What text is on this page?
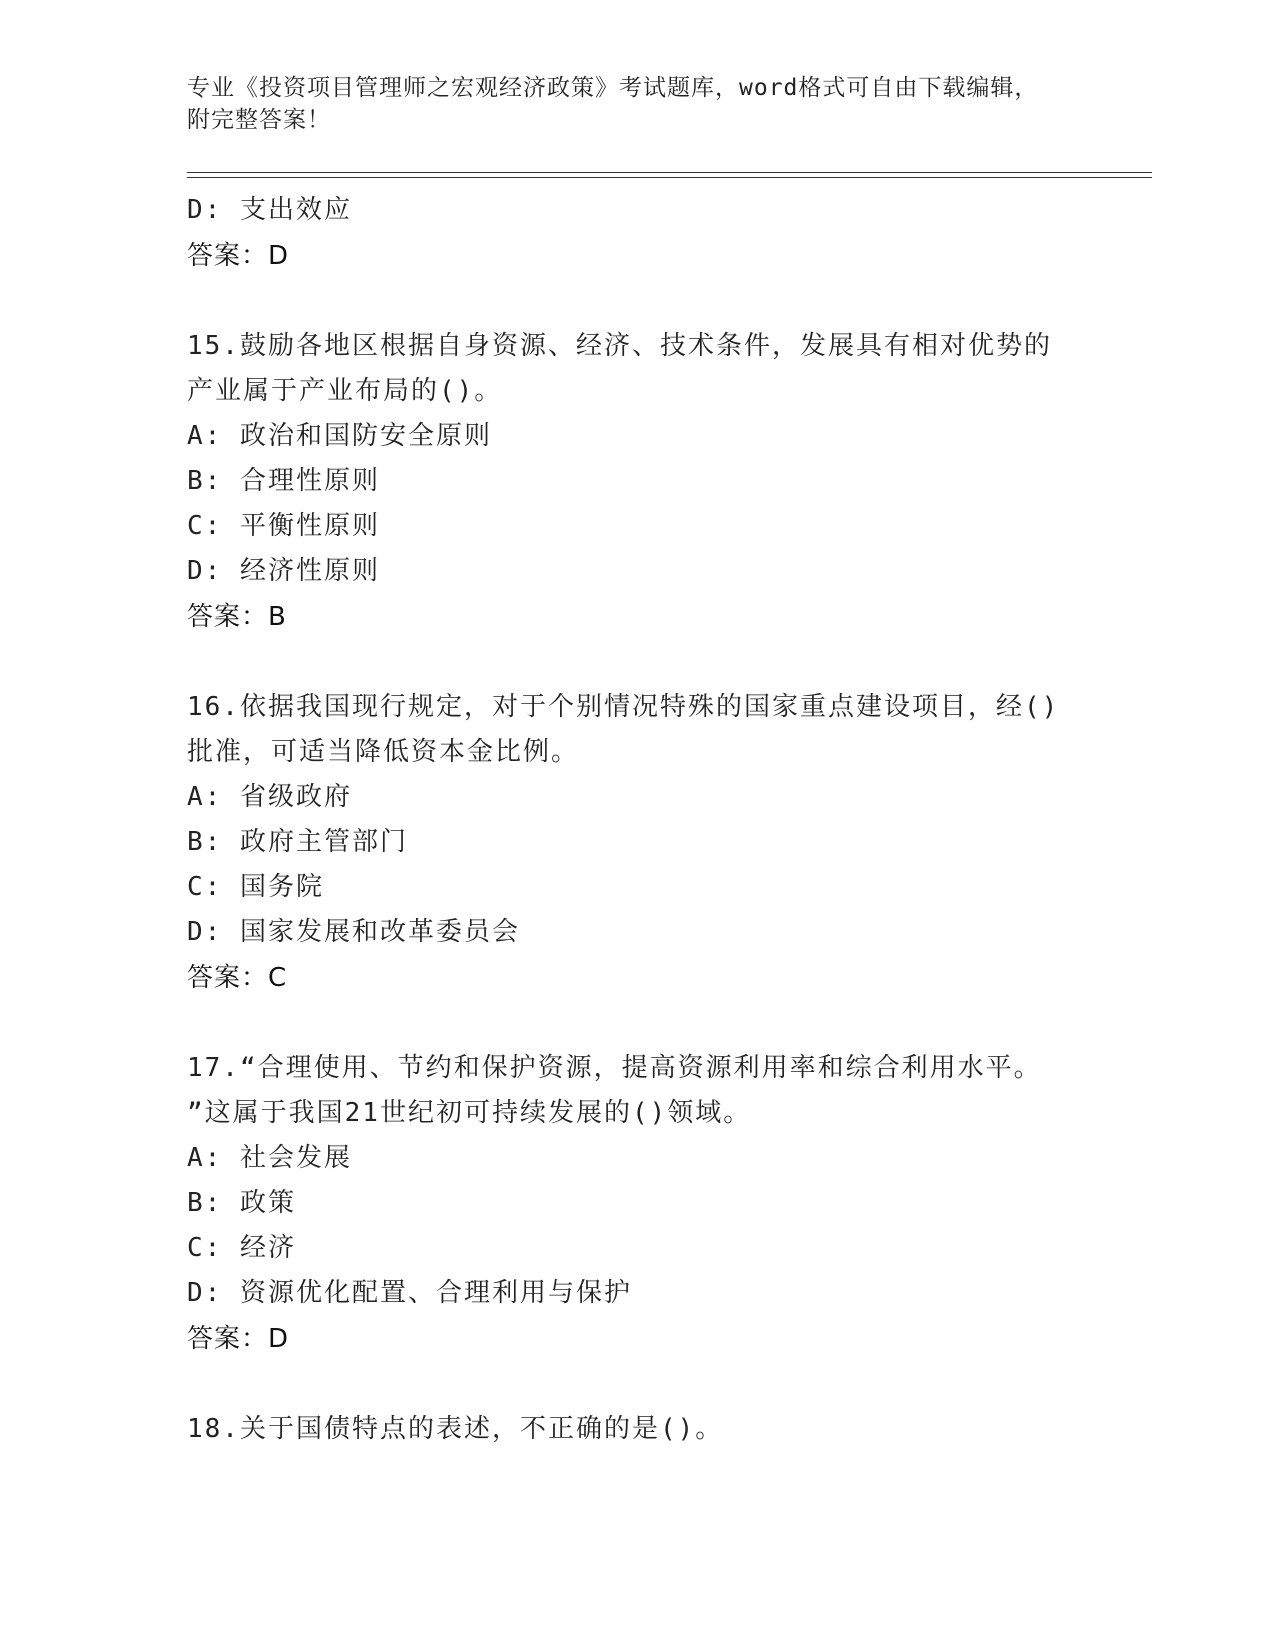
专业《投资项目管理师之宏观经济政策》考试题库，word格式可自由下载编辑，
附完整答案！
D: 支出效应
答案：D
15.鼓励各地区根据自身资源、经济、技术条件，发展具有相对优势的
产业属于产业布局的()。
A: 政治和国防安全原则
B: 合理性原则
C: 平衡性原则
D: 经济性原则
答案：B
16.依据我国现行规定，对于个别情况特殊的国家重点建设项目，经()
批准，可适当降低资本金比例。
A: 省级政府
B: 政府主管部门
C: 国务院
D: 国家发展和改革委员会
答案：C
17.“合理使用、节约和保护资源，提高资源利用率和综合利用水平。
”这属于我国21世纪初可持续发展的()领域。
A: 社会发展
B: 政策
C: 经济
D: 资源优化配置、合理利用与保护
答案：D
18.关于国债特点的表述，不正确的是()。
